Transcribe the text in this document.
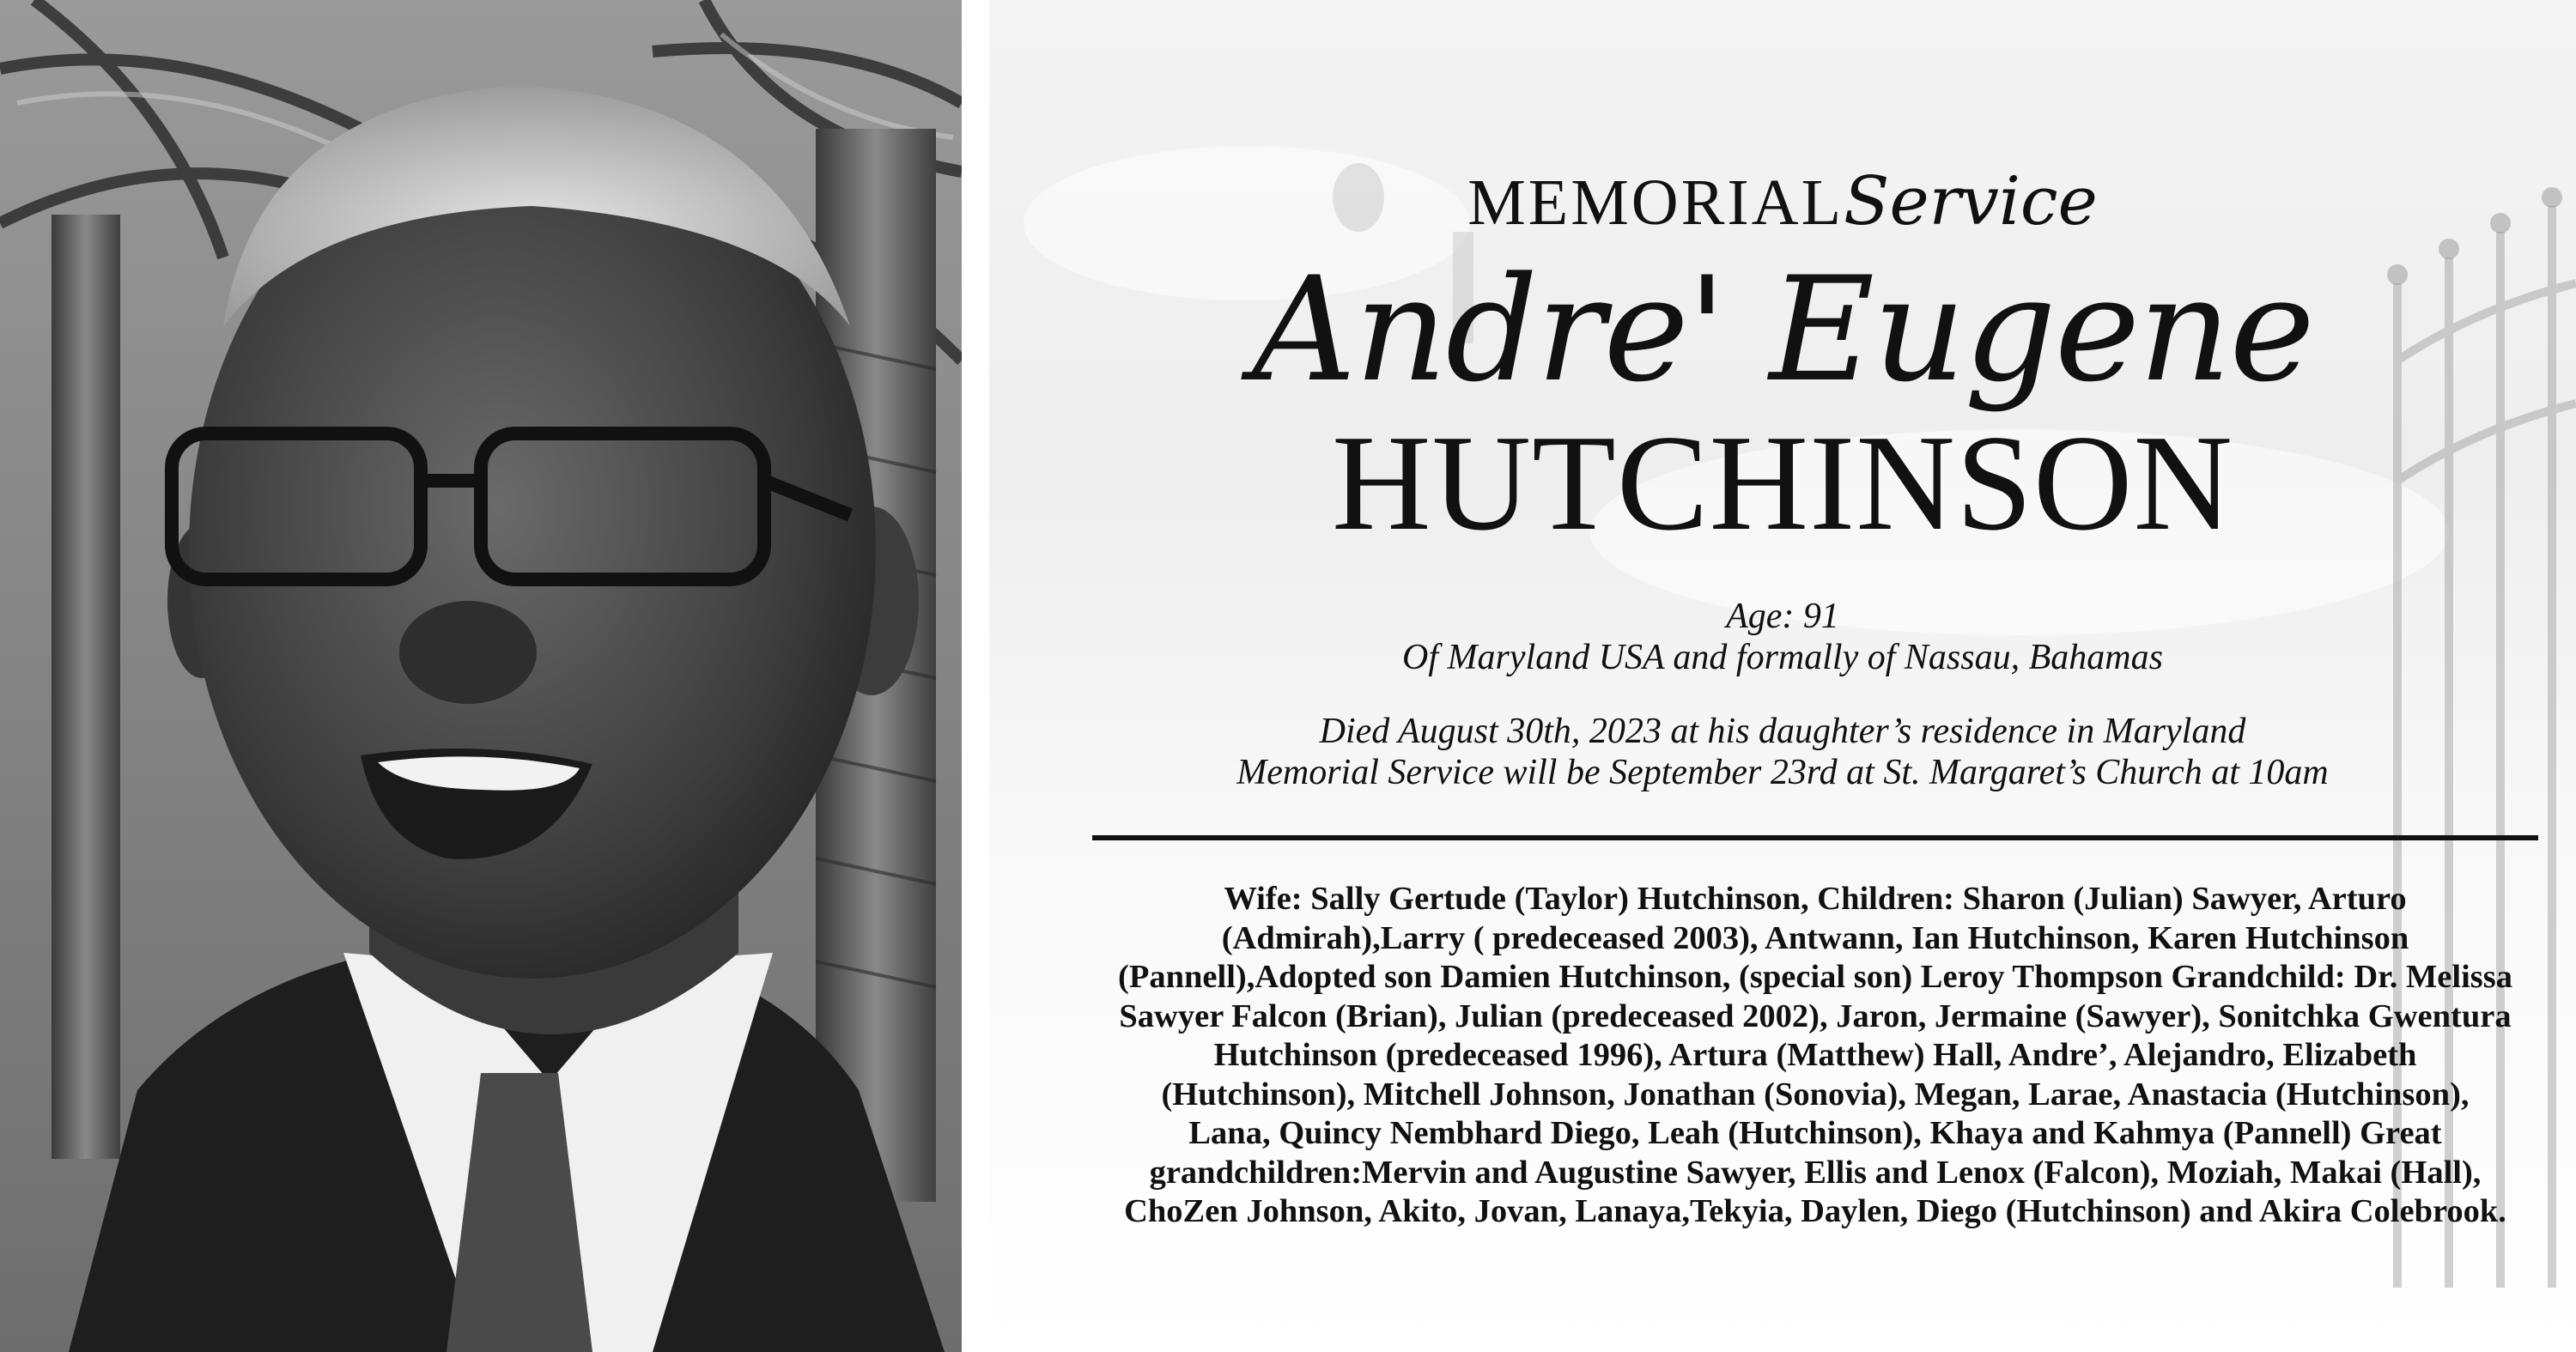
MEMORIALService
Andre' Eugene
HUTCHINSON
Age: 91
Of Maryland USA and formally of Nassau, Bahamas
Died August 30th, 2023 at his daughter’s residence in Maryland
Memorial Service will be September 23rd at St. Margaret’s Church at 10am
Wife: Sally Gertude (Taylor) Hutchinson, Children: Sharon (Julian) Sawyer, Arturo (Admirah),Larry ( predeceased 2003), Antwann, Ian Hutchinson, Karen Hutchinson (Pannell),Adopted son Damien Hutchinson, (special son) Leroy Thompson Grandchild: Dr. Melissa Sawyer Falcon (Brian), Julian (predeceased 2002), Jaron, Jermaine (Sawyer), Sonitchka Gwentura Hutchinson (predeceased 1996), Artura (Matthew) Hall, Andre’, Alejandro, Elizabeth (Hutchinson), Mitchell Johnson, Jonathan (Sonovia), Megan, Larae, Anastacia (Hutchinson), Lana, Quincy Nembhard Diego, Leah (Hutchinson), Khaya and Kahmya (Pannell) Great grandchildren:Mervin and Augustine Sawyer, Ellis and Lenox (Falcon), Moziah, Makai (Hall), ChoZen Johnson, Akito, Jovan, Lanaya,Tekyia, Daylen, Diego (Hutchinson) and Akira Colebrook.
